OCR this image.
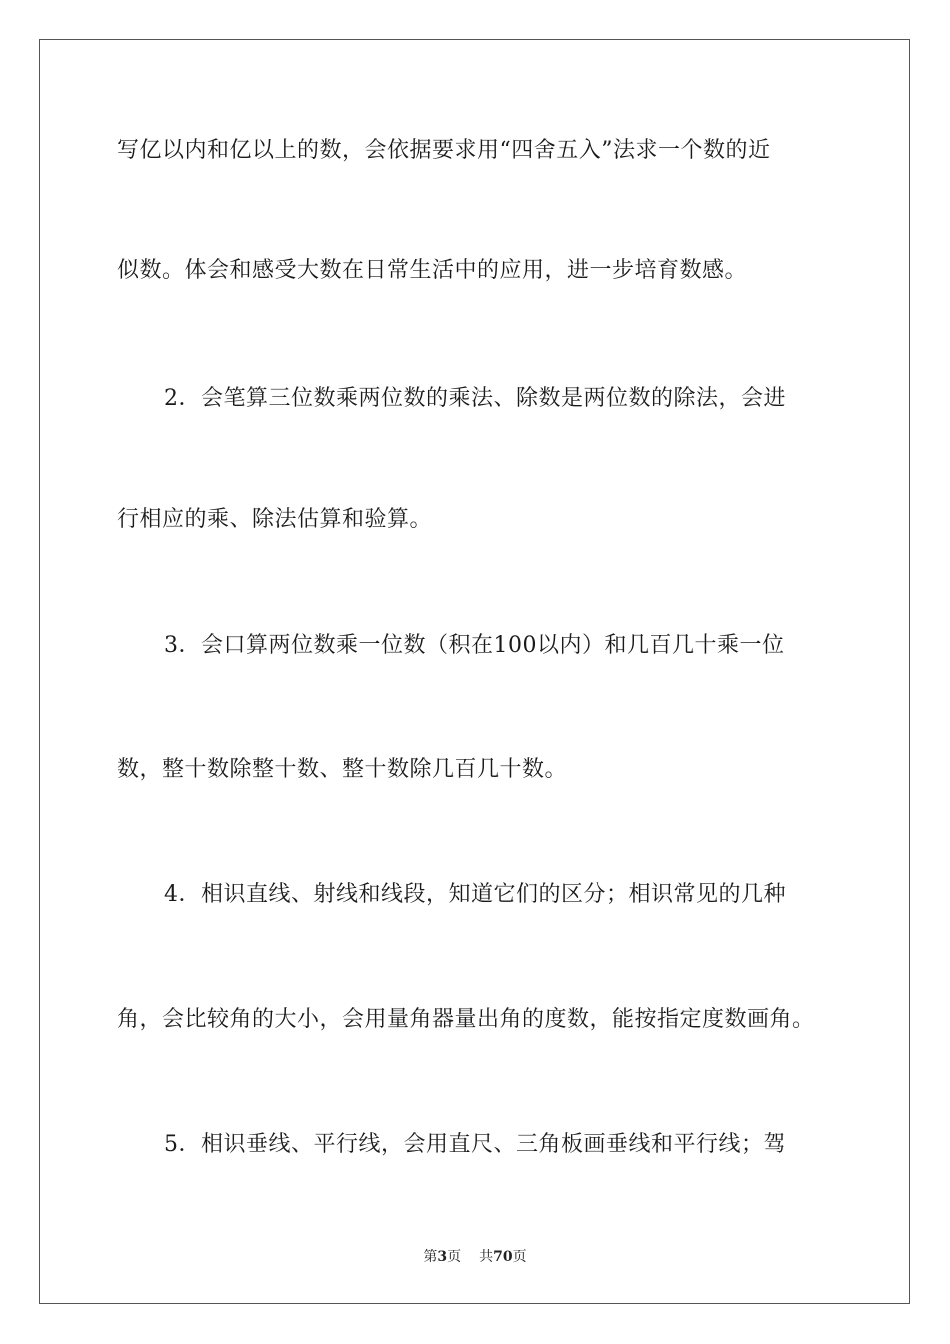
写亿以内和亿以上的数，会依据要求用“四舍五入”法求一个数的近
似数。体会和感受大数在日常生活中的应用，进一步培育数感。
2．会笔算三位数乘两位数的乘法、除数是两位数的除法，会进
行相应的乘、除法估算和验算。
3．会口算两位数乘一位数（积在100以内）和几百几十乘一位
数，整十数除整十数、整十数除几百几十数。
4．相识直线、射线和线段，知道它们的区分；相识常见的几种
角，会比较角的大小，会用量角器量出角的度数，能按指定度数画角。
5．相识垂线、平行线，会用直尺、三角板画垂线和平行线；驾
第3页 共70页
